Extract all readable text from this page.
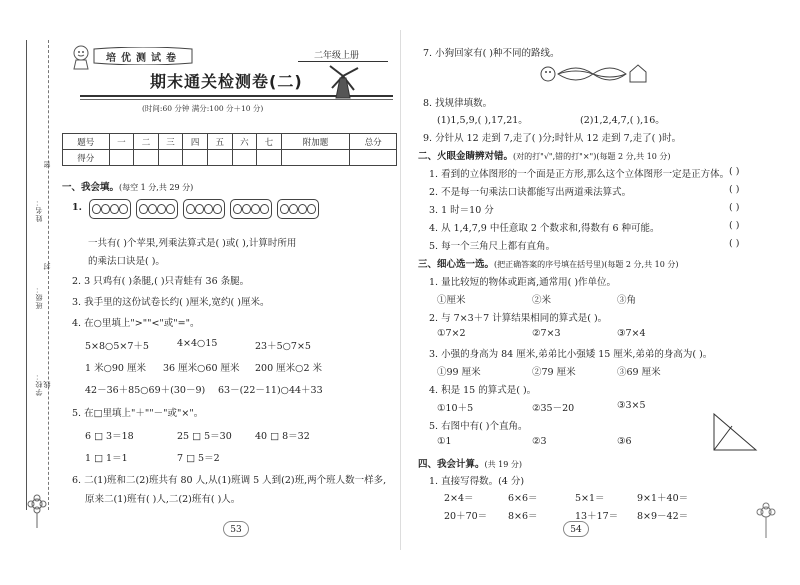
姓名：
班级：
学校：
密
封
线
培优测试卷	二年级上册
期末通关检测卷(二)
(时间:60 分钟 满分:100 分＋10 分)
题号	一	二	三	四	五	六	七	附加题	总分
得分									
一、我会填。(每空 1 分,共 29 分)
1.
一共有( )个苹果,列乘法算式是( )或( ),计算时所用
的乘法口诀是( )。
2. 3 只鸡有( )条腿,( )只青蛙有 36 条腿。
3. 我手里的这份试卷长约( )厘米,宽约( )厘米。
4. 在○里填上">""<"或"="。
5×8○5×7＋5	4×4○15	23＋5○7×5
1 米○90 厘米 36 厘米○60 厘米 200 厘米○2 米
42－36＋85○69＋(30－9) 63－(22－11)○44＋33
5. 在□里填上"＋""－"或"×"。
6 □ 3＝18	25 □ 5＝30 40 □ 8＝32
1 □ 1＝1	7 □ 5＝2
6. 二(1)班和二(2)班共有 80 人,从(1)班调 5 人到(2)班,两个班人数一样多,
原来二(1)班有( )人,二(2)班有( )人。
53
7. 小狗回家有( )种不同的路线。
8. 找规律填数。
(1)1,5,9,( ),17,21。	(2)1,2,4,7,( ),16。
9. 分针从 12 走到 7,走了( )分;时针从 12 走到 7,走了( )时。
二、火眼金睛辨对错。(对的打"√",错的打"×")(每题 2 分,共 10 分)
1. 看到的立体图形的一个面是正方形,那么这个立体图形一定是正方体。 ( )
2. 不是每一句乘法口诀都能写出两道乘法算式。	( )
3. 1 时＝10 分	( )
4. 从 1,4,7,9 中任意取 2 个数求和,得数有 6 种可能。	( )
5. 每一个三角尺上都有直角。	( )
三、细心选一选。(把正确答案的序号填在括号里)(每题 2 分,共 10 分)
1. 量比较短的物体或距离,通常用( )作单位。
①厘米	②米	③角
2. 与 7×3＋7 计算结果相同的算式是( )。
①7×2	②7×3	③7×4
3. 小强的身高为 84 厘米,弟弟比小强矮 15 厘米,弟弟的身高为( )。
①99 厘米	②79 厘米	③69 厘米
4. 积是 15 的算式是( )。
①10＋5	②35－20	③3×5
5. 右图中有( )个直角。
①1	②3	③6
四、我会计算。(共 19 分)
1. 直接写得数。(4 分)
2×4＝	6×6＝	5×1＝	9×1＋40＝
20＋70＝ 8×6＝	13＋17＝ 8×9－42＝
54
